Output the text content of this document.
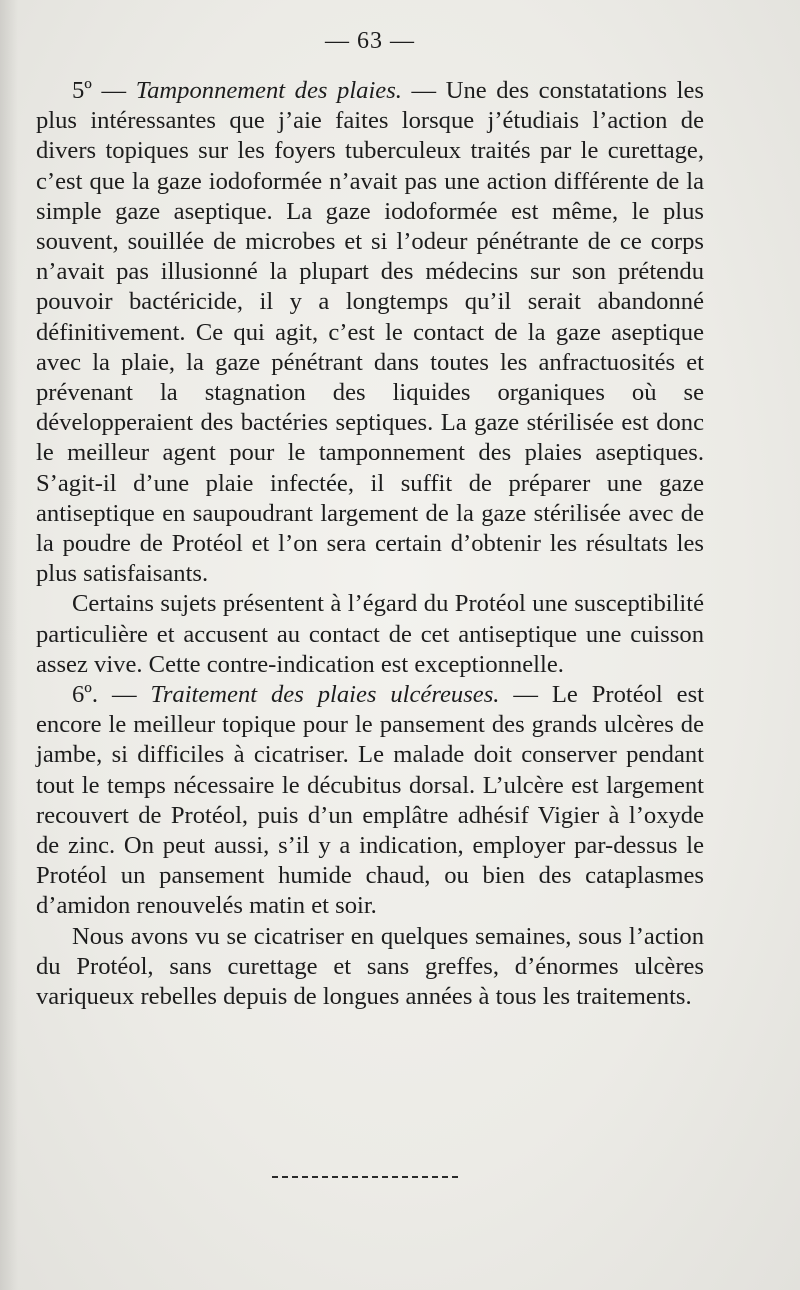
— 63 —

5º — Tamponnement des plaies. — Une des constatations les plus intéressantes que j’aie faites lorsque j’étudiais l’action de divers topiques sur les foyers tuberculeux traités par le curettage, c’est que la gaze iodoformée n’avait pas une action différente de la simple gaze aseptique. La gaze iodoformée est même, le plus souvent, souillée de microbes et si l’odeur pénétrante de ce corps n’avait pas illusionné la plupart des médecins sur son prétendu pouvoir bactéricide, il y a longtemps qu’il serait abandonné définitivement. Ce qui agit, c’est le contact de la gaze aseptique avec la plaie, la gaze pénétrant dans toutes les anfractuosités et prévenant la stagnation des liquides organiques où se développeraient des bactéries septiques. La gaze stérilisée est donc le meilleur agent pour le tamponnement des plaies aseptiques. S’agit-il d’une plaie infectée, il suffit de préparer une gaze antiseptique en saupoudrant largement de la gaze stérilisée avec de la poudre de Protéol et l’on sera certain d’obtenir les résultats les plus satisfaisants.

Certains sujets présentent à l’égard du Protéol une susceptibilité particulière et accusent au contact de cet antiseptique une cuisson assez vive. Cette contre-indication est exceptionnelle.

6º. — Traitement des plaies ulcéreuses. — Le Protéol est encore le meilleur topique pour le pansement des grands ulcères de jambe, si difficiles à cicatriser. Le malade doit conserver pendant tout le temps nécessaire le décubitus dorsal. L’ulcère est largement recouvert de Protéol, puis d’un emplâtre adhésif Vigier à l’oxyde de zinc. On peut aussi, s’il y a indication, employer par-dessus le Protéol un pansement humide chaud, ou bien des cataplasmes d’amidon renouvelés matin et soir.

Nous avons vu se cicatriser en quelques semaines, sous l’action du Protéol, sans curettage et sans greffes, d’énormes ulcères variqueux rebelles depuis de longues années à tous les traitements.
